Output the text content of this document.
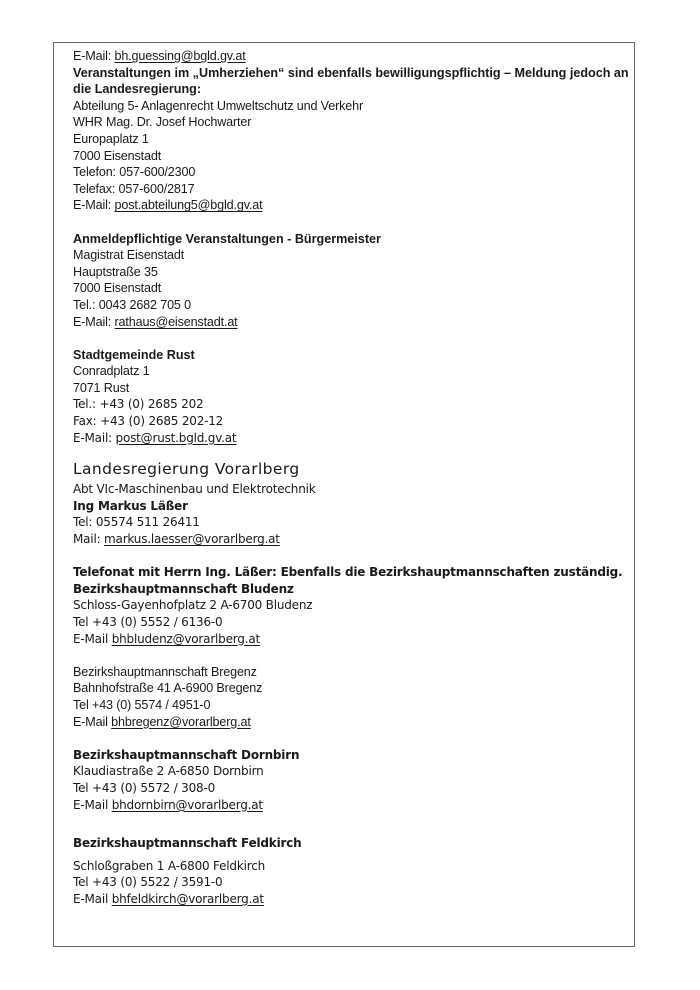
E-Mail: bh.guessing@bgld.gv.at
Veranstaltungen im „Umherziehen“ sind ebenfalls bewilligungspflichtig – Meldung jedoch an die Landesregierung:
Abteilung 5- Anlagenrecht Umweltschutz und Verkehr
WHR Mag. Dr. Josef Hochwarter
Europaplatz 1
7000 Eisenstadt
Telefon: 057-600/2300
Telefax: 057-600/2817
E-Mail: post.abteilung5@bgld.gv.at
Anmeldepflichtige Veranstaltungen - Bürgermeister
Magistrat Eisenstadt
Hauptstraße 35
7000 Eisenstadt
Tel.: 0043 2682 705 0
E-Mail: rathaus@eisenstadt.at
Stadtgemeinde Rust
Conradplatz 1
7071 Rust
Tel.: +43 (0) 2685 202
Fax: +43 (0) 2685 202-12
E-Mail: post@rust.bgld.gv.at
Landesregierung Vorarlberg
Abt VIc-Maschinenbau und Elektrotechnik
Ing Markus Läßer
Tel: 05574 511 26411
Mail: markus.laesser@vorarlberg.at
Telefonat mit Herrn Ing. Läßer: Ebenfalls die Bezirkshauptmannschaften zuständig.
Bezirkshauptmannschaft Bludenz
Schloss-Gayenhofplatz 2 A-6700 Bludenz
Tel +43 (0) 5552 / 6136-0
E-Mail bhbludenz@vorarlberg.at
Bezirkshauptmannschaft Bregenz
Bahnhofstraße 41 A-6900 Bregenz
Tel +43 (0) 5574 / 4951-0
E-Mail bhbregenz@vorarlberg.at
Bezirkshauptmannschaft Dornbirn
Klaudiastraße 2 A-6850 Dornbirn
Tel +43 (0) 5572 / 308-0
E-Mail bhdornbirn@vorarlberg.at
Bezirkshauptmannschaft Feldkirch
Schloßgraben 1 A-6800 Feldkirch
Tel +43 (0) 5522 / 3591-0
E-Mail bhfeldkirch@vorarlberg.at
